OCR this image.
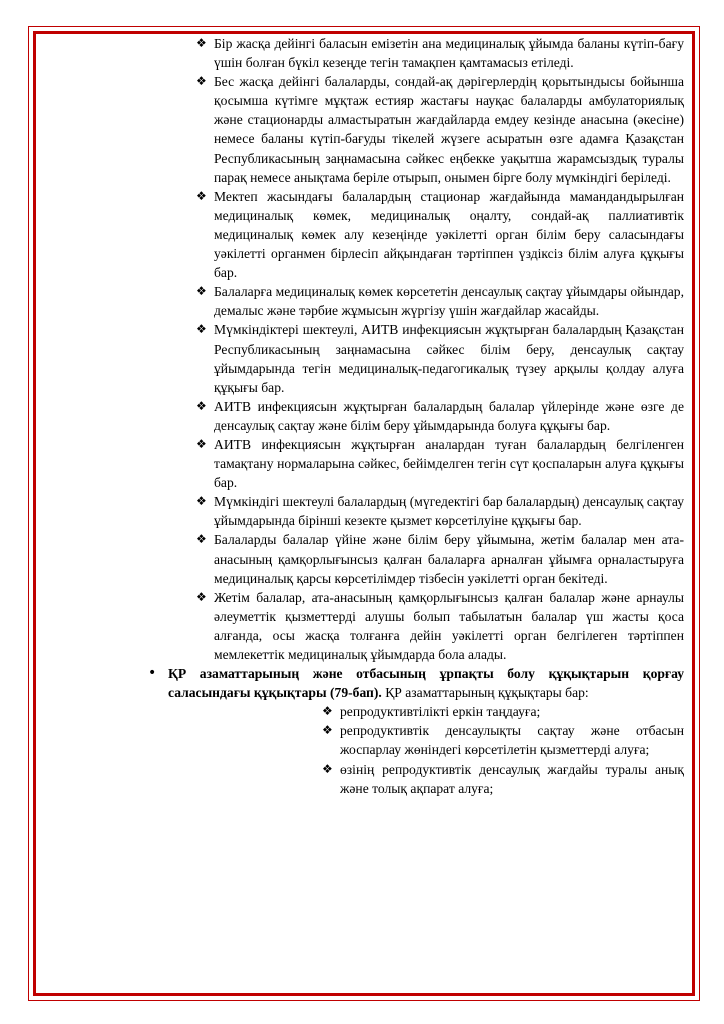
❖ Бір жасқа дейінгі баласын емізетін ана медициналық ұйымда баланы күтіп-бағу үшін болған бүкіл кезеңде тегін тамақпен қамтамасыз етіледі.
❖ Бес жасқа дейінгі балаларды, сондай-ақ дәрігерлердің қорытындысы бойынша қосымша күтімге мұқтаж естияр жастағы науқас балаларды амбулаториялық және стационарды алмастыратын жағдайларда емдеу кезінде анасына (әкесіне) немесе баланы күтіп-бағуды тікелей жүзеге асыратын өзге адамға Қазақстан Республикасының заңнамасына сәйкес еңбекке уақытша жарамсыздық туралы парақ немесе анықтама беріле отырып, онымен бірге болу мүмкіндігі беріледі.
❖ Мектеп жасындағы балалардың стационар жағдайында мамандандырылған медициналық көмек, медициналық оңалту, сондай-ақ паллиативтік медициналық көмек алу кезеңінде уәкілетті орган білім беру саласындағы уәкілетті органмен бірлесіп айқындаған тәртіппен үздіксіз білім алуға құқығы бар.
❖ Балаларға медициналық көмек көрсететін денсаулық сақтау ұйымдары ойындар, демалыс және тәрбие жұмысын жүргізу үшін жағдайлар жасайды.
❖ Мүмкіндіктері шектеулі, АИТВ инфекциясын жұқтырған балалардың Қазақстан Республикасының заңнамасына сәйкес білім беру, денсаулық сақтау ұйымдарында тегін медициналық-педагогикалық түзеу арқылы қолдау алуға құқығы бар.
❖ АИТВ инфекциясын жұқтырған балалардың балалар үйлерінде және өзге де денсаулық сақтау және білім беру ұйымдарында болуға құқығы бар.
❖ АИТВ инфекциясын жұқтырған аналардан туған балалардың белгіленген тамақтану нормаларына сәйкес, бейімделген тегін сүт қоспаларын алуға құқығы бар.
❖ Мүмкіндігі шектеулі балалардың (мүгедектігі бар балалардың) денсаулық сақтау ұйымдарында бірінші кезекте қызмет көрсетілуіне құқығы бар.
❖ Балаларды балалар үйіне және білім беру ұйымына, жетім балалар мен ата-анасының қамқорлығынсыз қалған балаларға арналған ұйымға орналастыруға медициналық қарсы көрсетілімдер тізбесін уәкілетті орган бекітеді.
❖ Жетім балалар, ата-анасының қамқорлығынсыз қалған балалар және арнаулы әлеуметтік қызметтерді алушы болып табылатын балалар үш жасты қоса алғанда, осы жасқа толғанға дейін уәкілетті орган белгілеген тәртіппен мемлекеттік медициналық ұйымдарда бола алады.
• ҚР азаматтарының және отбасының ұрпақты болу құқықтарын қорғау саласындағы құқықтары (79-бап). ҚР азаматтарының құқықтары бар:
❖ репродуктивтілікті еркін таңдауға;
❖ репродуктивтік денсаулықты сақтау және отбасын жоспарлау жөніндегі көрсетілетін қызметтерді алуға;
❖ өзінің репродуктивтік денсаулық жағдайы туралы анық және толық ақпарат алуға;
